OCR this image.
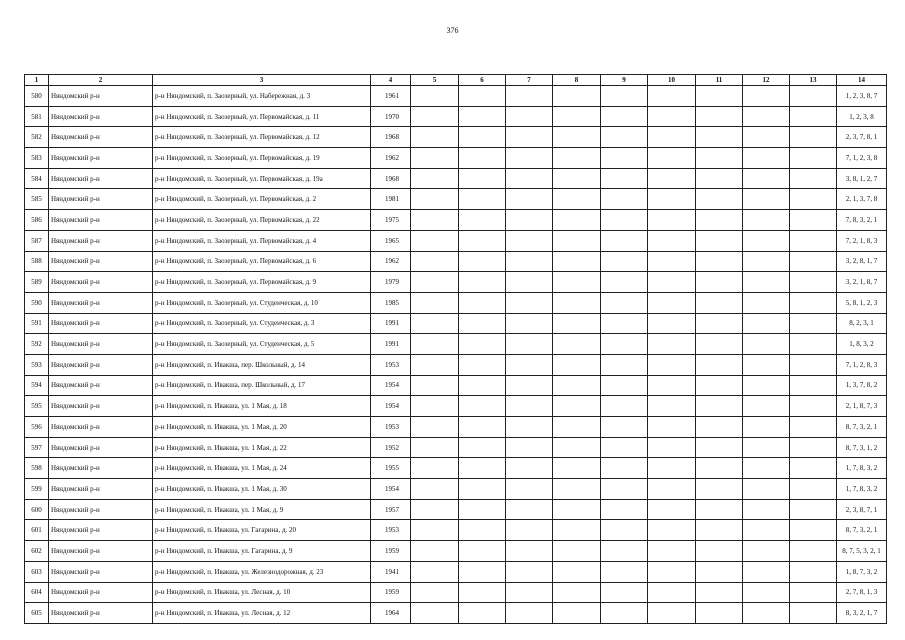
376
1	2	3	4	5	6	7	8	9	10	11	12	13	14
580	Няндомский р-н	р-н Няндомский, п. Заозерный, ул. Набережная, д. 3	1961										1, 2, 3, 8, 7
581	Няндомский р-н	р-н Няндомский, п. Заозерный, ул. Первомайская, д. 11	1970										1, 2, 3, 8
582	Няндомский р-н	р-н Няндомский, п. Заозерный, ул. Первомайская, д. 12	1968										2, 3, 7, 8, 1
583	Няндомский р-н	р-н Няндомский, п. Заозерный, ул. Первомайская, д. 19	1962										7, 1, 2, 3, 8
584	Няндомский р-н	р-н Няндомский, п. Заозерный, ул. Первомайская, д. 19а	1968										3, 8, 1, 2, 7
585	Няндомский р-н	р-н Няндомский, п. Заозерный, ул. Первомайская, д. 2	1981										2, 1, 3, 7, 8
586	Няндомский р-н	р-н Няндомский, п. Заозерный, ул. Первомайская, д. 22	1975										7, 8, 3, 2, 1
587	Няндомский р-н	р-н Няндомский, п. Заозерный, ул. Первомайская, д. 4	1965										7, 2, 1, 8, 3
588	Няндомский р-н	р-н Няндомский, п. Заозерный, ул. Первомайская, д. 6	1962										3, 2, 8, 1, 7
589	Няндомский р-н	р-н Няндомский, п. Заозерный, ул. Первомайская, д. 9	1979										3, 2, 1, 8, 7
590	Няндомский р-н	р-н Няндомский, п. Заозерный, ул. Студенческая, д. 10	1985										5, 8, 1, 2, 3
591	Няндомский р-н	р-н Няндомский, п. Заозерный, ул. Студенческая, д. 3	1991										8, 2, 3, 1
592	Няндомский р-н	р-н Няндомский, п. Заозерный, ул. Студенческая, д. 5	1991										1, 8, 3, 2
593	Няндомский р-н	р-н Няндомский, п. Ивакша, пер. Школьный, д. 14	1953										7, 1, 2, 8, 3
594	Няндомский р-н	р-н Няндомский, п. Ивакша, пер. Школьный, д. 17	1954										1, 3, 7, 8, 2
595	Няндомский р-н	р-н Няндомский, п. Ивакша, ул. 1 Мая, д. 18	1954										2, 1, 8, 7, 3
596	Няндомский р-н	р-н Няндомский, п. Ивакша, ул. 1 Мая, д. 20	1953										8, 7, 3, 2, 1
597	Няндомский р-н	р-н Няндомский, п. Ивакша, ул. 1 Мая, д. 22	1952										8, 7, 3, 1, 2
598	Няндомский р-н	р-н Няндомский, п. Ивакша, ул. 1 Мая, д. 24	1955										1, 7, 8, 3, 2
599	Няндомский р-н	р-н Няндомский, п. Ивакша, ул. 1 Мая, д. 30	1954										1, 7, 8, 3, 2
600	Няндомский р-н	р-н Няндомский, п. Ивакша, ул. 1 Мая, д. 9	1957										2, 3, 8, 7, 1
601	Няндомский р-н	р-н Няндомский, п. Ивакша, ул. Гагарина, д. 20	1953										8, 7, 3, 2, 1
602	Няндомский р-н	р-н Няндомский, п. Ивакша, ул. Гагарина, д. 9	1959										8, 7, 5, 3, 2, 1
603	Няндомский р-н	р-н Няндомский, п. Ивакша, ул. Железнодорожная, д. 23	1941										1, 8, 7, 3, 2
604	Няндомский р-н	р-н Няндомский, п. Ивакша, ул. Лесная, д. 10	1959										2, 7, 8, 1, 3
605	Няндомский р-н	р-н Няндомский, п. Ивакша, ул. Лесная, д. 12	1964										8, 3, 2, 1, 7
